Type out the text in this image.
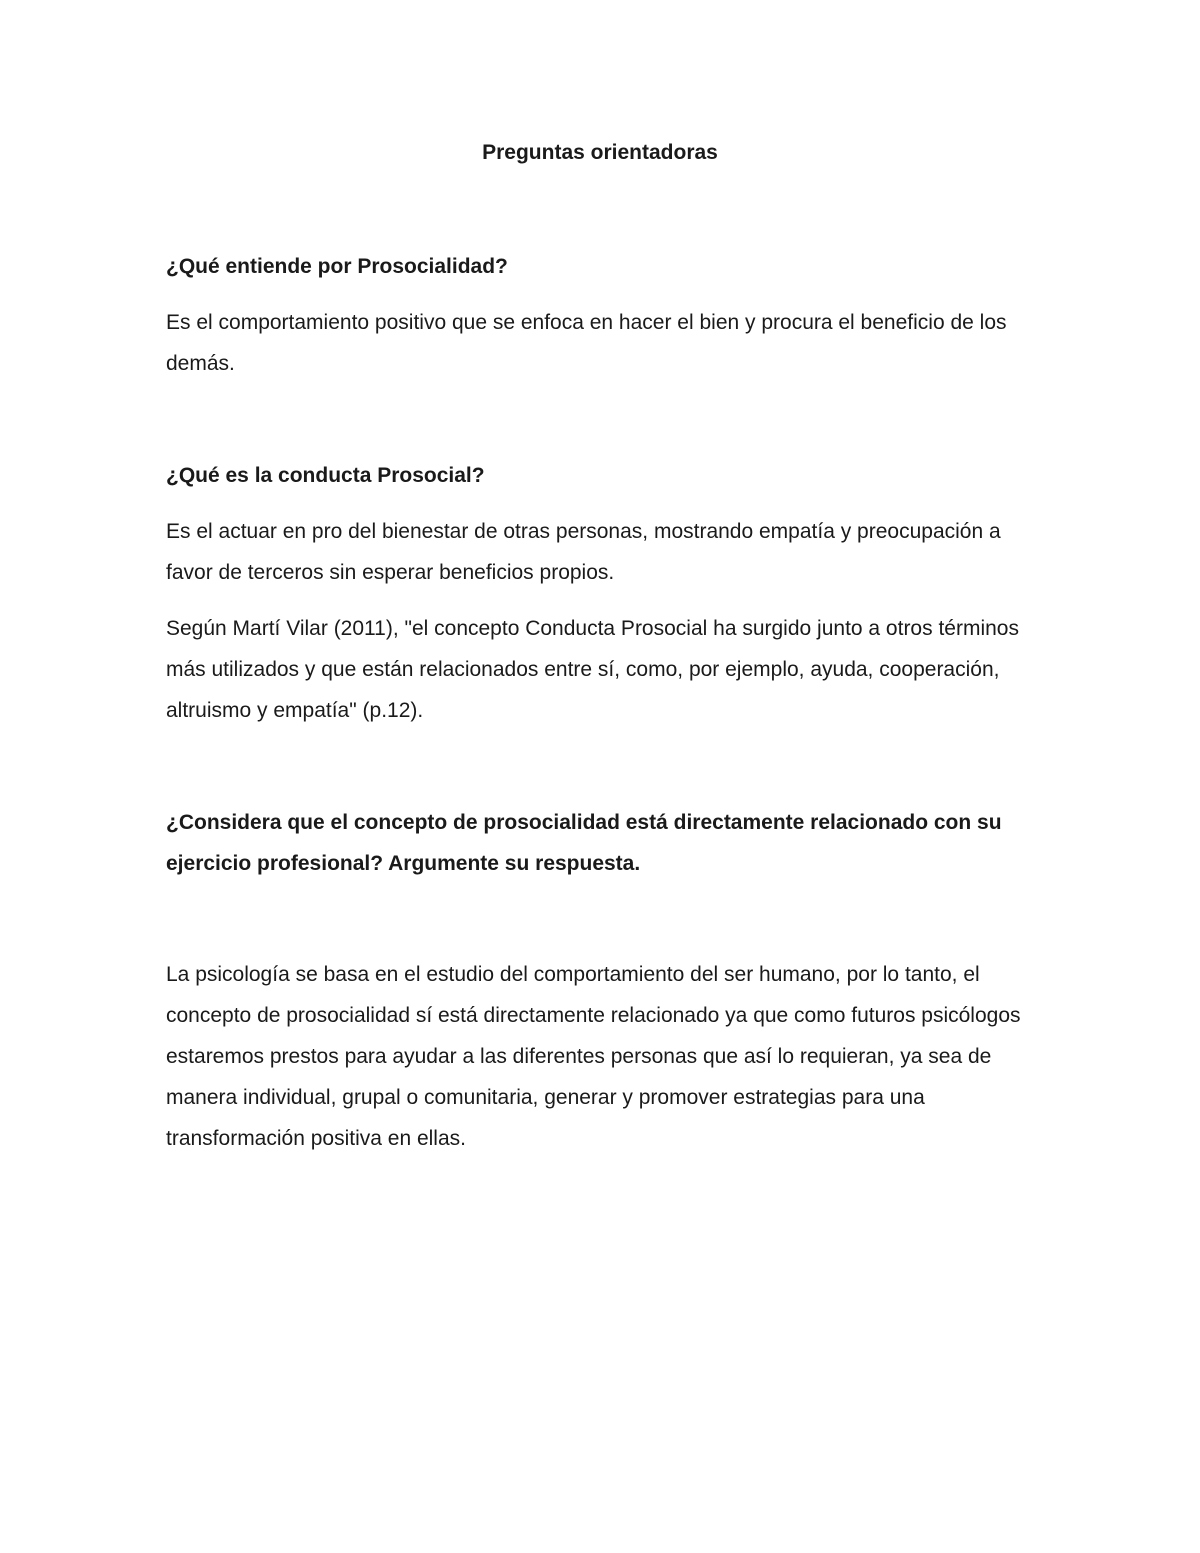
Preguntas orientadoras

¿Qué entiende por Prosocialidad?

Es el comportamiento positivo que se enfoca en hacer el bien y procura el beneficio de los demás.

¿Qué es la conducta Prosocial?

Es el actuar en pro del bienestar de otras personas, mostrando empatía y preocupación a favor de terceros sin esperar beneficios propios.

Según Martí Vilar (2011), "el concepto Conducta Prosocial ha surgido junto a otros términos más utilizados y que están relacionados entre sí, como, por ejemplo, ayuda, cooperación, altruismo y empatía" (p.12).

¿Considera que el concepto de prosocialidad está directamente relacionado con su ejercicio profesional? Argumente su respuesta.

La psicología se basa en el estudio del comportamiento del ser humano, por lo tanto, el concepto de prosocialidad sí está directamente relacionado ya que como futuros psicólogos estaremos prestos para ayudar a las diferentes personas que así lo requieran, ya sea de manera individual, grupal o comunitaria, generar y promover estrategias para una transformación positiva en ellas.
